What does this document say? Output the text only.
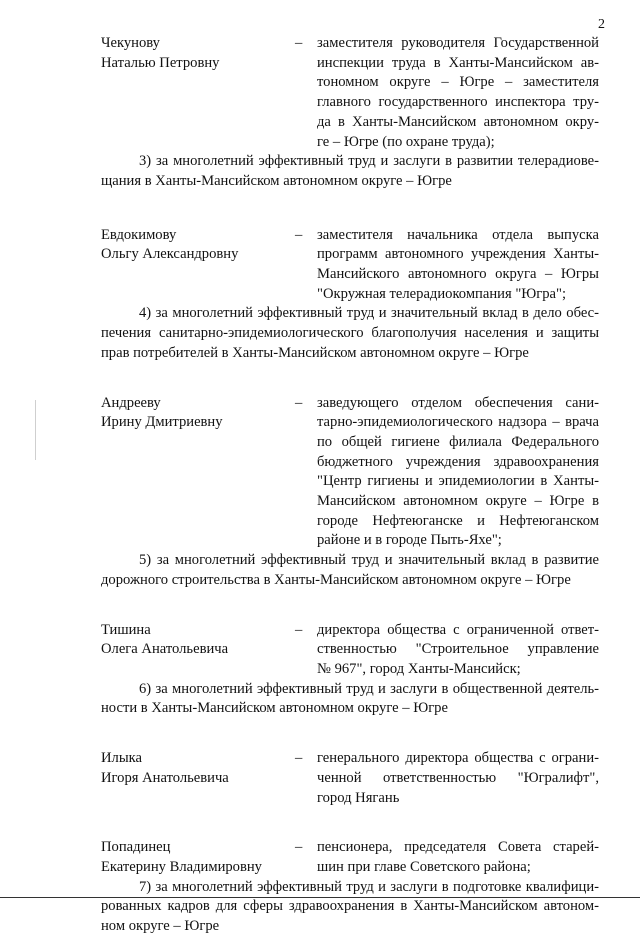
2
Чекунову
Наталью Петровну
–	заместителя руководителя Государственной
инспекции труда в Ханты-Мансийском ав-
тономном округе – Югре – заместителя
главного государственного инспектора тру-
да в Ханты-Мансийском автономном окру-
ге – Югре (по охране труда);
3) за многолетний эффективный труд и заслуги в развитии телерадиове-
щания в Ханты-Мансийском автономном округе – Югре
Евдокимову
Ольгу Александровну
–	заместителя начальника отдела выпуска
программ автономного учреждения Ханты-
Мансийского автономного округа – Югры
"Окружная телерадиокомпания "Югра";
4) за многолетний эффективный труд и значительный вклад в дело обес-
печения санитарно-эпидемиологического благополучия населения и защиты
прав потребителей в Ханты-Мансийском автономном округе – Югре
Андрееву
Ирину Дмитриевну
–	заведующего отделом обеспечения сани-
тарно-эпидемиологического надзора – врача
по общей гигиене филиала Федерального
бюджетного учреждения здравоохранения
"Центр гигиены и эпидемиологии в Ханты-
Мансийском автономном округе – Югре в
городе Нефтеюганске и Нефтеюганском
районе и в городе Пыть-Яхе";
5) за многолетний эффективный труд и значительный вклад в развитие
дорожного строительства в Ханты-Мансийском автономном округе – Югре
Тишина
Олега Анатольевича
–	директора общества с ограниченной ответ-
ственностью "Строительное управление
№ 967", город Ханты-Мансийск;
6) за многолетний эффективный труд и заслуги в общественной деятель-
ности в Ханты-Мансийском автономном округе – Югре
Илыка
Игоря Анатольевича
–	генерального директора общества с ограни-
ченной ответственностью "Югралифт",
город Нягань
Попадинец
Екатерину Владимировну
–	пенсионера, председателя Совета старей-
шин при главе Советского района;
7) за многолетний эффективный труд и заслуги в подготовке квалифици-
рованных кадров для сферы здравоохранения в Ханты-Мансийском автоном-
ном округе – Югре
